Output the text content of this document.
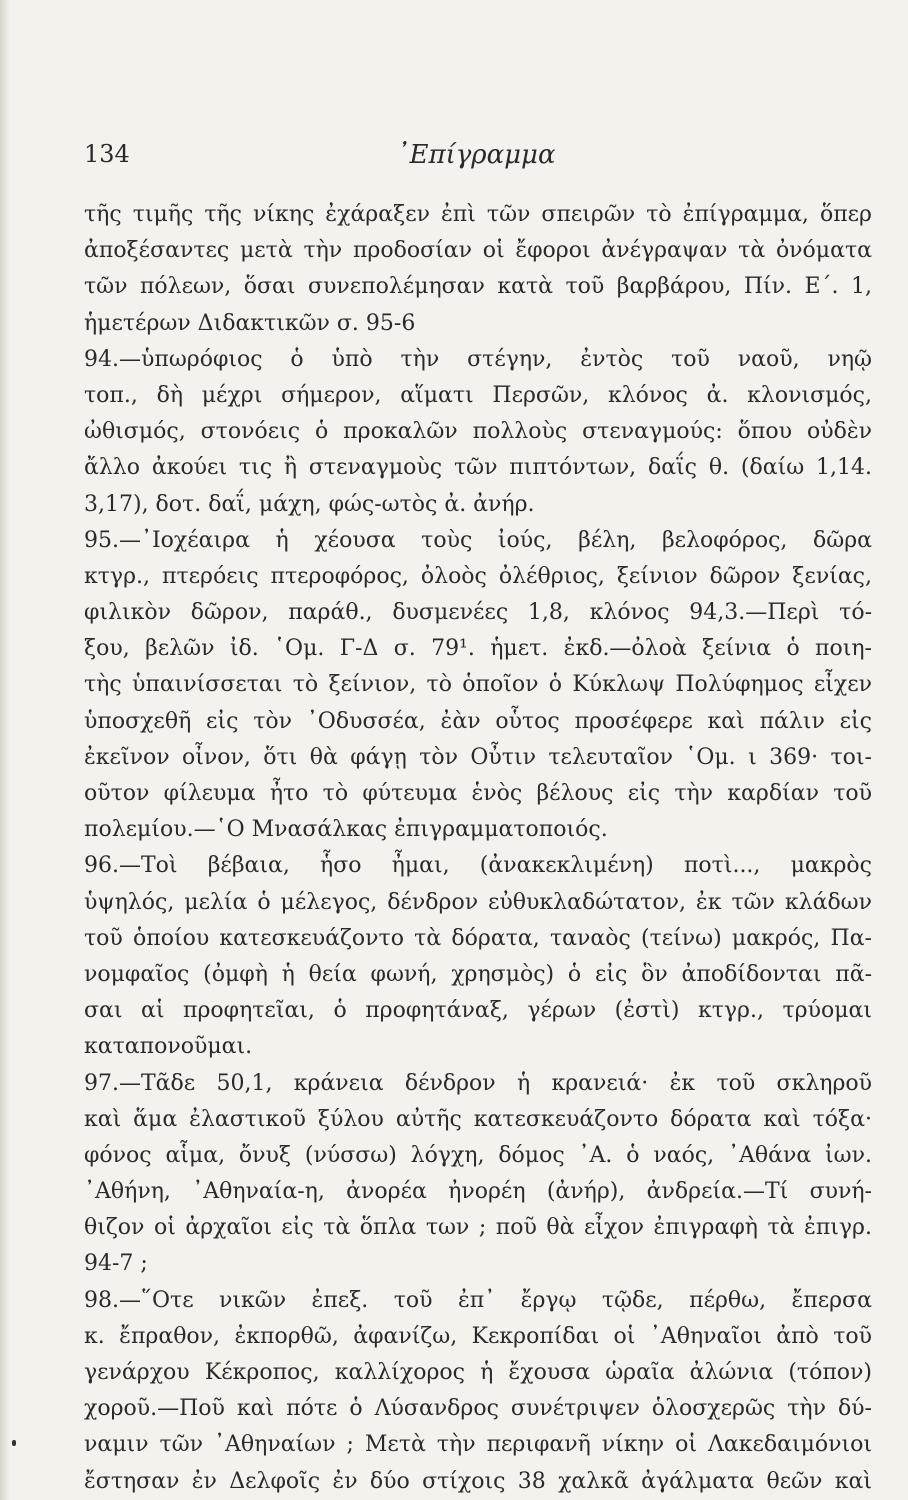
134	᾿Επίγραμμα
τῆς τιμῆς τῆς νίκης ἐχάραξεν ἐπὶ τῶν σπειρῶν τὸ ἐπίγραμμα, ὅπερ
ἀποξέσαντες μετὰ τὴν προδοσίαν οἱ ἔφοροι ἀνέγραψαν τὰ ὀνόματα
τῶν πόλεων, ὅσαι συνεπολέμησαν κατὰ τοῦ βαρβάρου, Πίν. Ε΄. 1,
ἡμετέρων Διδακτικῶν σ. 95-6
94.—ὑπωρόφιος ὁ ὑπὸ τὴν στέγην, ἐντὸς τοῦ ναοῦ, νηῷ
τοπ., δὴ μέχρι σήμερον, αἵματι Περσῶν, κλόνος ἀ. κλονισμός,
ὠθισμός, στονόεις ὁ προκαλῶν πολλοὺς στεναγμούς: ὅπου οὐδὲν
ἄλλο ἀκούει τις ἢ στεναγμοὺς τῶν πιπτόντων, δαΐς θ. (δαίω 1,14.
3,17), δοτ. δαΐ, μάχη, φώς-ωτὸς ἀ. ἀνήρ.
95.—᾿Ιοχέαιρα ἡ χέουσα τοὺς ἰούς, βέλη, βελοφόρος, δῶρα
κτγρ., πτερόεις πτεροφόρος, ὀλοὸς ὀλέθριος, ξείνιον δῶρον ξενίας,
φιλικὸν δῶρον, παράθ., δυσμενέες 1,8, κλόνος 94,3.—Περὶ τό-
ξου, βελῶν ἰδ. ῾Ομ. Γ-Δ σ. 79¹. ἡμετ. ἐκδ.—ὀλοὰ ξείνια ὁ ποιη-
τὴς ὑπαινίσσεται τὸ ξείνιον, τὸ ὁποῖον ὁ Κύκλωψ Πολύφημος εἶχεν
ὑποσχεθῆ εἰς τὸν ᾿Οδυσσέα, ἐὰν οὗτος προσέφερε καὶ πάλιν εἰς
ἐκεῖνον οἶνον, ὅτι θὰ φάγῃ τὸν Οὖτιν τελευταῖον ῾Ομ. ι 369· τοι-
οῦτον φίλευμα ἦτο τὸ φύτευμα ἑνὸς βέλους εἰς τὴν καρδίαν τοῦ
πολεμίου.—῾Ο Μνασάλκας ἐπιγραμματοποιός.
96.—Τοὶ βέβαια, ἧσο ἦμαι, (ἀνακεκλιμένη) ποτὶ..., μακρὸς
ὑψηλός, μελία ὁ μέλεγος, δένδρον εὐθυκλαδώτατον, ἐκ τῶν κλάδων
τοῦ ὁποίου κατεσκευάζοντο τὰ δόρατα, ταναὸς (τείνω) μακρός, Πα-
νομφαῖος (ὀμφὴ ἡ θεία φωνή, χρησμὸς) ὁ εἰς ὃν ἀποδίδονται πᾶ-
σαι αἱ προφητεῖαι, ὁ προφητάναξ, γέρων (ἐστὶ) κτγρ., τρύομαι
καταπονοῦμαι.
97.—Τᾶδε 50,1, κράνεια δένδρον ἡ κρανειά· ἐκ τοῦ σκληροῦ
καὶ ἅμα ἐλαστικοῦ ξύλου αὐτῆς κατεσκευάζοντο δόρατα καὶ τόξα·
φόνος αἷμα, ὄνυξ (νύσσω) λόγχη, δόμος ᾿Α. ὁ ναός, ᾿Αθάνα ἰων.
᾿Αθήνη, ᾿Αθηναία-η, ἀνορέα ἠνορέη (ἀνήρ), ἀνδρεία.—Τί συνή-
θιζον οἱ ἀρχαῖοι εἰς τὰ ὅπλα των ; ποῦ θὰ εἶχον ἐπιγραφὴ τὰ ἐπιγρ.
94-7 ;
98.—῞Οτε νικῶν ἐπεξ. τοῦ ἐπ᾿ ἔργῳ τῷδε, πέρθω, ἔπερσα
κ. ἔπραθον, ἐκπορθῶ, ἀφανίζω, Κεκροπίδαι οἱ ᾿Αθηναῖοι ἀπὸ τοῦ
γενάρχου Κέκροπος, καλλίχορος ἡ ἔχουσα ὡραῖα ἀλώνια (τόπον)
χοροῦ.—Ποῦ καὶ πότε ὁ Λύσανδρος συνέτριψεν ὁλοσχερῶς τὴν δύ-
ναμιν τῶν ᾿Αθηναίων ; Μετὰ τὴν περιφανῆ νίκην οἱ Λακεδαιμόνιοι
ἔστησαν ἐν Δελφοῖς ἐν δύο στίχοις 38 χαλκᾶ ἀγάλματα θεῶν καὶ
